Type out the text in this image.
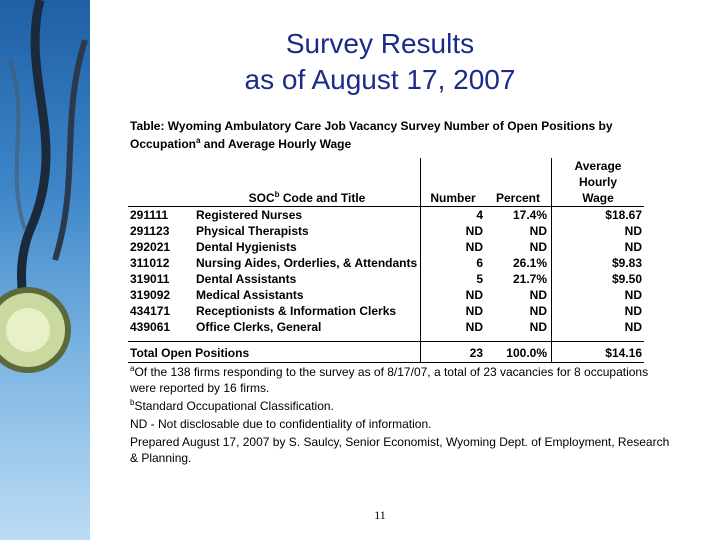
Survey Results
as of August 17, 2007
Table: Wyoming Ambulatory Care Job Vacancy Survey Number of Open Positions by
Occupation$^a$ and Average Hourly Wage
	SOC$^b$ Code and Title	Number	Percent	Average Hourly
Wage

291111	Registered Nurses	4	17.4%	$18.67
291123	Physical Therapists	ND	ND	ND
292021	Dental Hygienists	ND	ND	ND
311012	Nursing Aides, Orderlies, & Attendants	6	26.1%	$9.83
319011	Dental Assistants	5	21.7%	$9.50
319092	Medical Assistants	ND	ND	ND
434171	Receptionists & Information Clerks	ND	ND	ND
439061	Office Clerks, General	ND	ND	ND

Total Open Positions		23	100.0%	$14.16

$^a$Of the 138 firms responding to the survey as of 8/17/07, a total of 23 vacancies for 8 occupations were reported by 16 firms.

$^b$Standard Occupational Classification.

ND - Not disclosable due to confidentiality of information.

Prepared August 17, 2007 by S. Saulcy, Senior Economist, Wyoming Dept. of Employment, Research & Planning.

11
